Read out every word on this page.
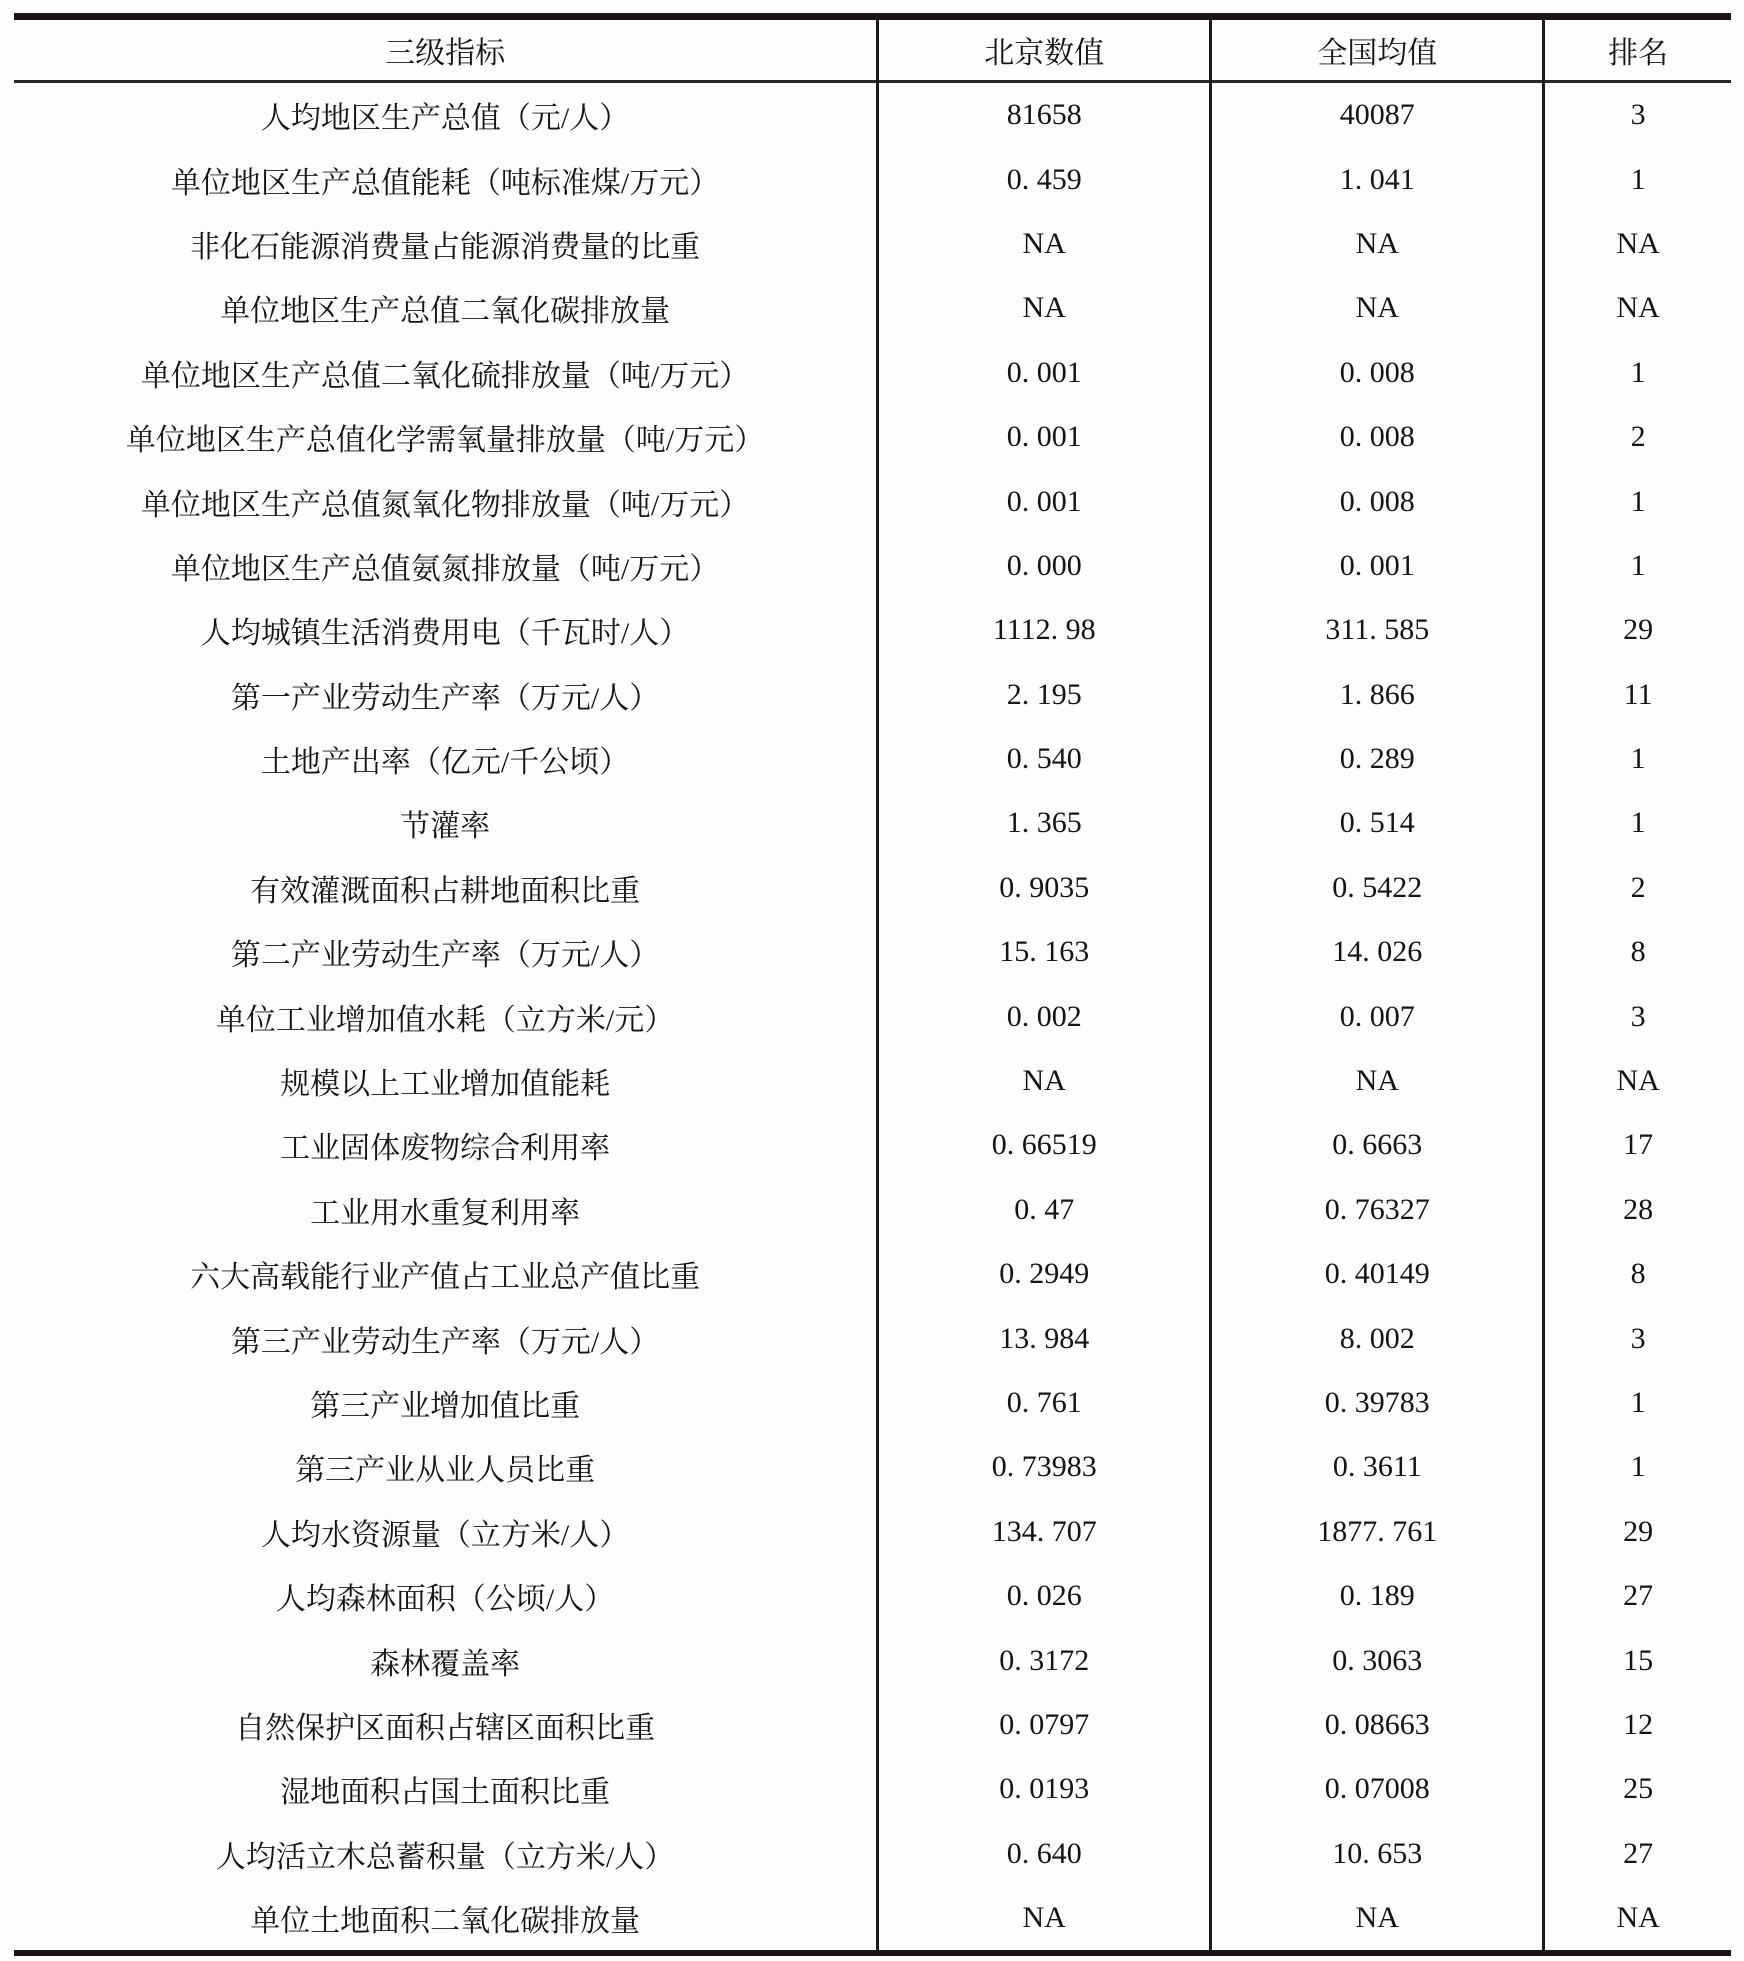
三级指标	北京数值	全国均值	排名
人均地区生产总值（元/人）	81658	40087	3
单位地区生产总值能耗（吨标准煤/万元）	0. 459	1. 041	1
非化石能源消费量占能源消费量的比重	NA	NA	NA
单位地区生产总值二氧化碳排放量	NA	NA	NA
单位地区生产总值二氧化硫排放量（吨/万元）	0. 001	0. 008	1
单位地区生产总值化学需氧量排放量（吨/万元）	0. 001	0. 008	2
单位地区生产总值氮氧化物排放量（吨/万元）	0. 001	0. 008	1
单位地区生产总值氨氮排放量（吨/万元）	0. 000	0. 001	1
人均城镇生活消费用电（千瓦时/人）	1112. 98	311. 585	29
第一产业劳动生产率（万元/人）	2. 195	1. 866	11
土地产出率（亿元/千公顷）	0. 540	0. 289	1
节灌率	1. 365	0. 514	1
有效灌溉面积占耕地面积比重	0. 9035	0. 5422	2
第二产业劳动生产率（万元/人）	15. 163	14. 026	8
单位工业增加值水耗（立方米/元）	0. 002	0. 007	3
规模以上工业增加值能耗	NA	NA	NA
工业固体废物综合利用率	0. 66519	0. 6663	17
工业用水重复利用率	0. 47	0. 76327	28
六大高载能行业产值占工业总产值比重	0. 2949	0. 40149	8
第三产业劳动生产率（万元/人）	13. 984	8. 002	3
第三产业增加值比重	0. 761	0. 39783	1
第三产业从业人员比重	0. 73983	0. 3611	1
人均水资源量（立方米/人）	134. 707	1877. 761	29
人均森林面积（公顷/人）	0. 026	0. 189	27
森林覆盖率	0. 3172	0. 3063	15
自然保护区面积占辖区面积比重	0. 0797	0. 08663	12
湿地面积占国土面积比重	0. 0193	0. 07008	25
人均活立木总蓄积量（立方米/人）	0. 640	10. 653	27
单位土地面积二氧化碳排放量	NA	NA	NA
